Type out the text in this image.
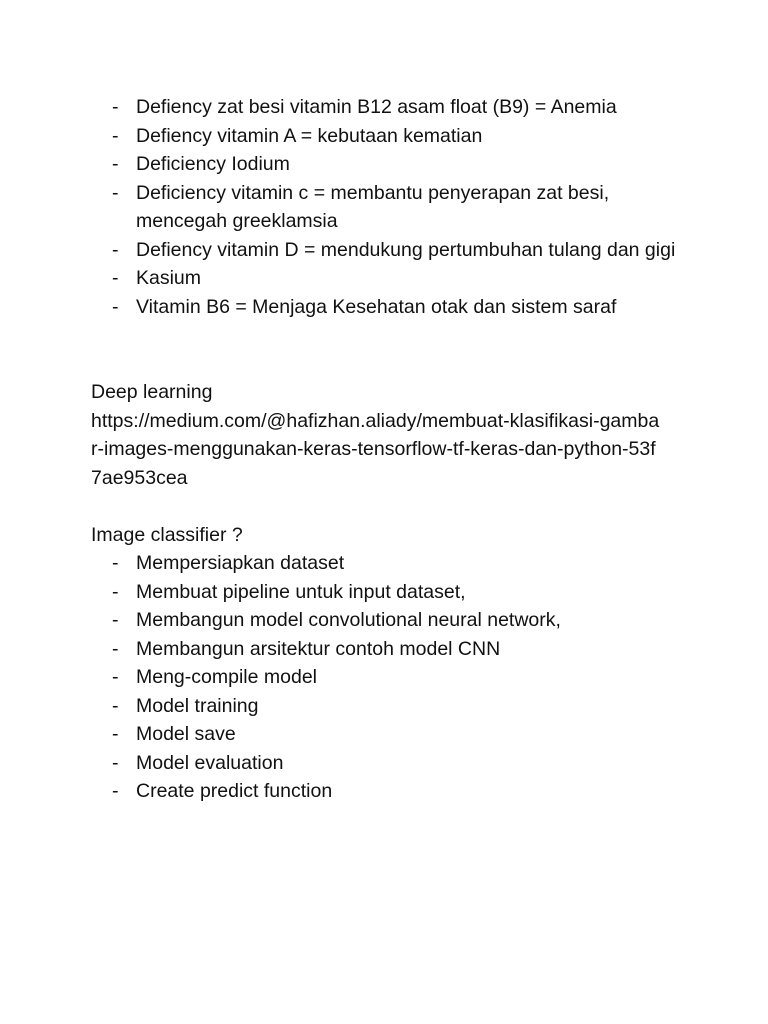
- Defiency zat besi vitamin B12 asam float (B9) = Anemia
- Defiency vitamin A = kebutaan kematian
- Deficiency Iodium
- Deficiency vitamin c = membantu penyerapan zat besi, mencegah greeklamsia
- Defiency vitamin D = mendukung pertumbuhan tulang dan gigi
- Kasium
- Vitamin B6 = Menjaga Kesehatan otak dan sistem saraf

Deep learning

https://medium.com/@hafizhan.aliady/membuat-klasifikasi-gambar-images-menggunakan-keras-tensorflow-tf-keras-dan-python-53f7ae953cea

Image classifier ?

- Mempersiapkan dataset
- Membuat pipeline untuk input dataset,
- Membangun model convolutional neural network,
- Membangun arsitektur contoh model CNN
- Meng-compile model
- Model training
- Model save
- Model evaluation
- Create predict function
